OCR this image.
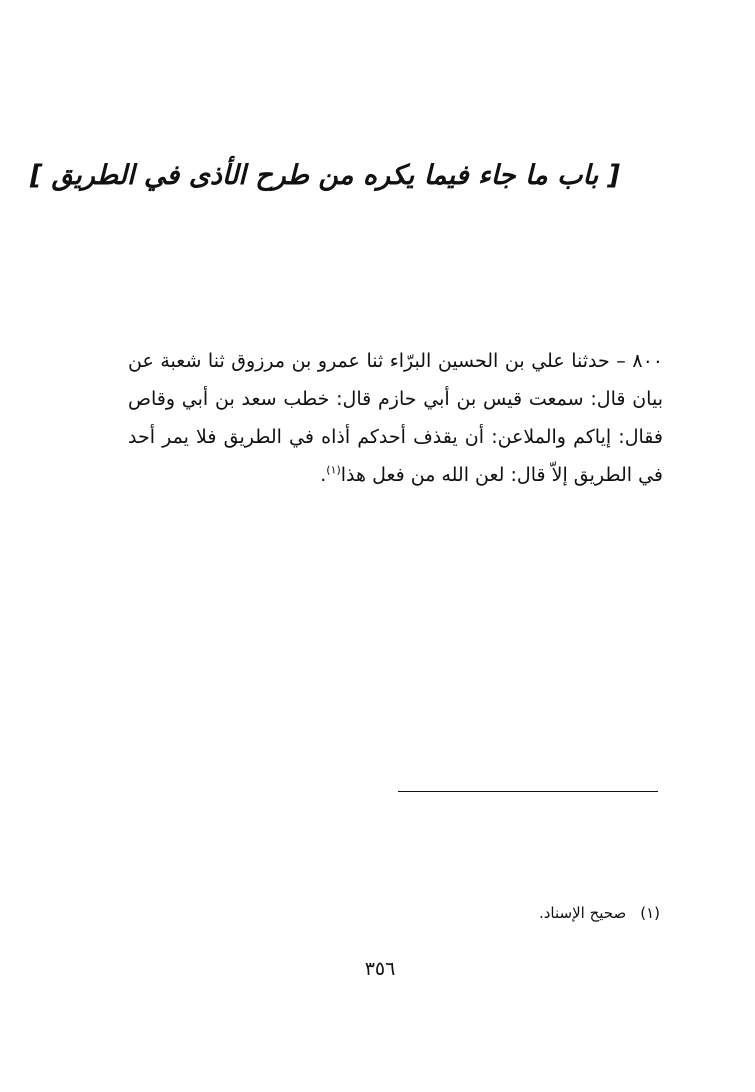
[ باب ما جاء فيما يكره من طرح الأذى في الطريق ]
٨٠٠ – حدثنا علي بن الحسين البرّاء ثنا عمرو بن مرزوق ثنا شعبة عن بيان قال: سمعت قيس بن أبي حازم قال: خطب سعد بن أبي وقاص فقال: إياكم والملاعن: أن يقذف أحدكم أذاه في الطريق فلا يمر أحد في الطريق إلاّ قال: لعن الله من فعل هذا$^{(١)}$.
(١)صحيح الإسناد.
٣٥٦
